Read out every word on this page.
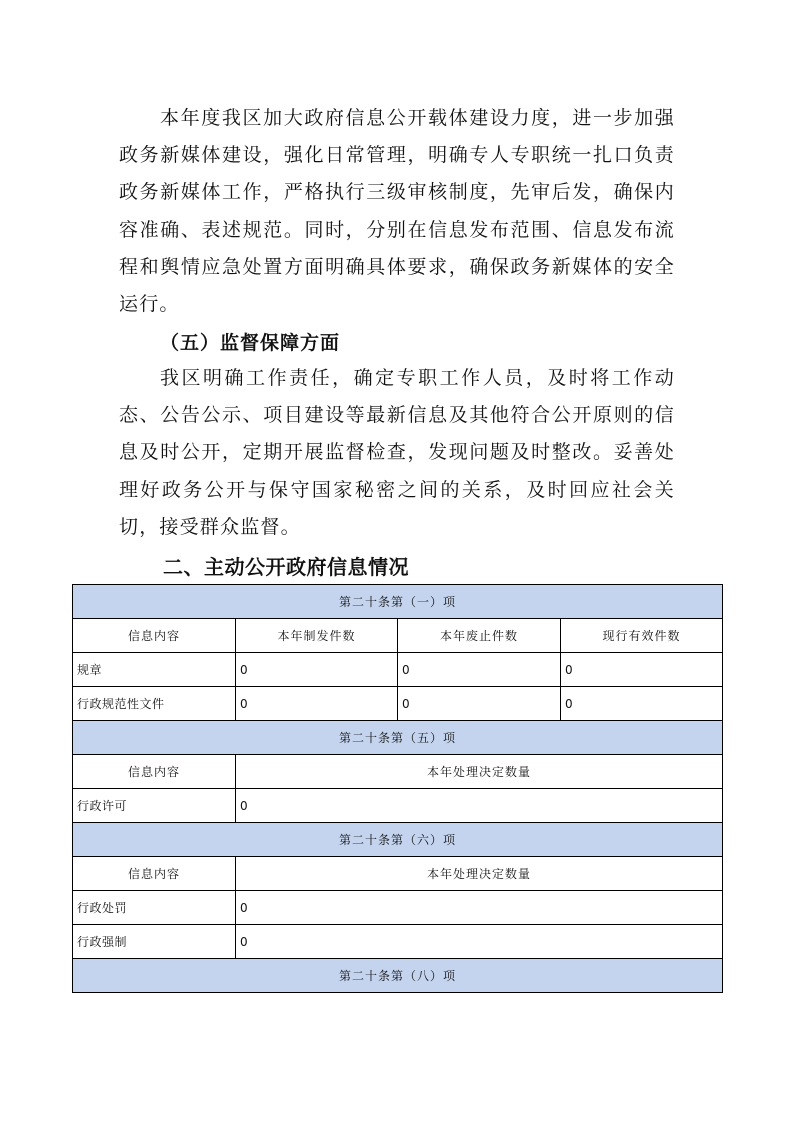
本年度我区加大政府信息公开载体建设力度，进一步加强政务新媒体建设，强化日常管理，明确专人专职统一扎口负责政务新媒体工作，严格执行三级审核制度，先审后发，确保内容准确、表述规范。同时，分别在信息发布范围、信息发布流程和舆情应急处置方面明确具体要求，确保政务新媒体的安全运行。

（五）监督保障方面

我区明确工作责任，确定专职工作人员，及时将工作动态、公告公示、项目建设等最新信息及其他符合公开原则的信息及时公开，定期开展监督检查，发现问题及时整改。妥善处理好政务公开与保守国家秘密之间的关系，及时回应社会关切，接受群众监督。

二、主动公开政府信息情况

第二十条第（一）项			
信息内容	本年制发件数	本年废止件数	现行有效件数
规章	0	0	0
行政规范性文件	0	0	0
第二十条第（五）项			
信息内容	本年处理决定数量		
行政许可	0		
第二十条第（六）项			
信息内容	本年处理决定数量		
行政处罚	0		
行政强制	0		
第二十条第（八）项			
